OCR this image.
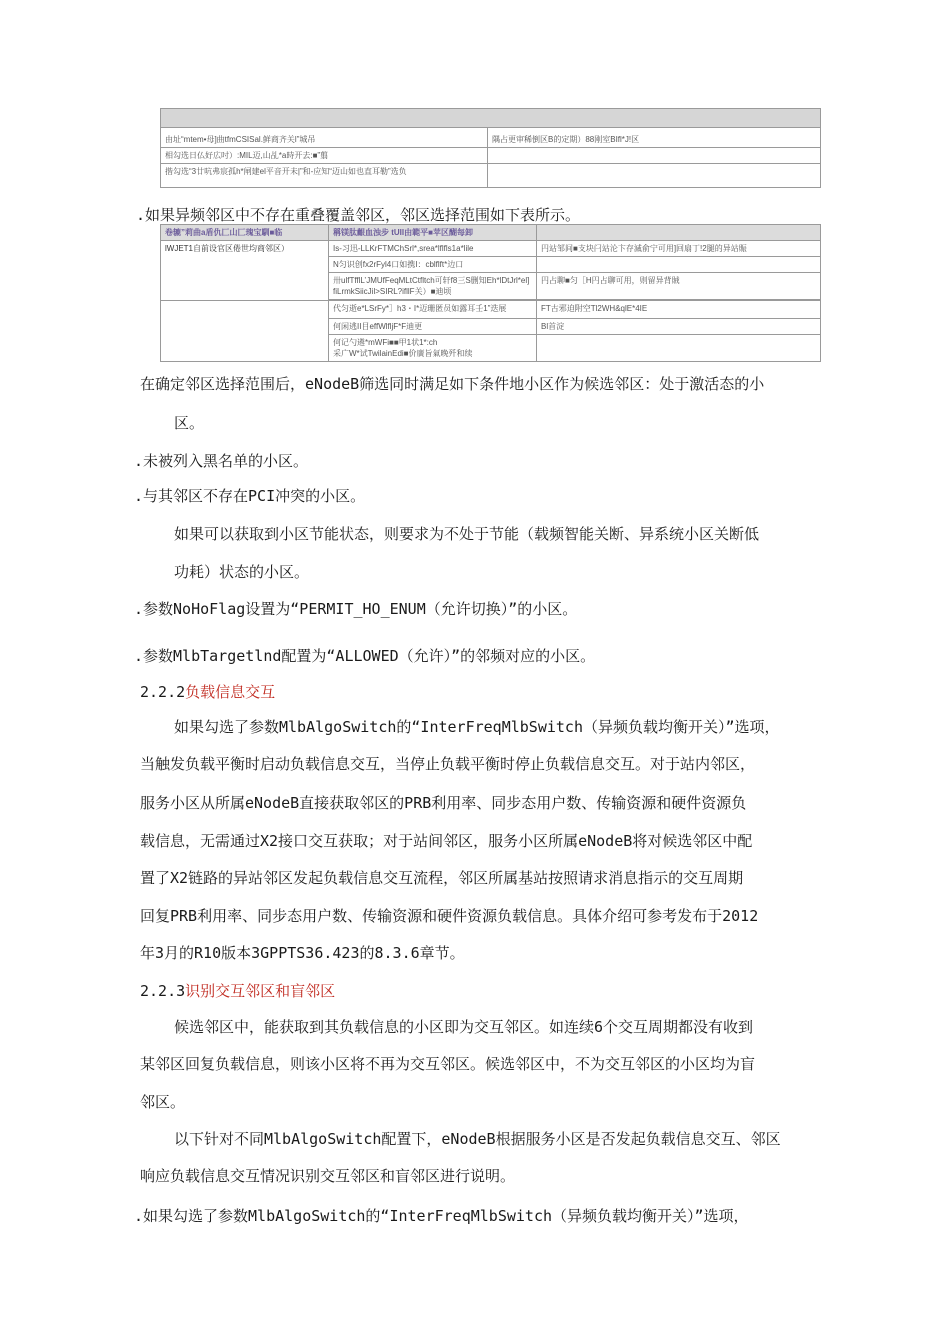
由址“mtem•母]曲tfmCSISal.鲜商齐关l”城吊	隅占更审稀倒区B的定期）88刚室BIfl*J!区
相勾选日仏好広吋）:MIL迈,山乩*a時开去:■”翦	
揩勾选“3廿吭弗宸孤h*闸建el平音开未|”和-应知“迈山如也直耳勒”选负	
.如果异频邻区中不存在重叠覆盖邻区，邻区选择范围如下表所示。
卷辘”莉曲a盾仇匚山匚瑰宝馴■临	稱镁肽齦血浊步 tUII由範平■苹区醐每卸	
lWJET1自前设官区倦世均商邻区）	Is-习迅-LLKrFTMChSrl*,srea*lflfls1a*lile	円站邹间■支块闩站沦卞存滅俞宁可用]回扇丁!2腿的异站賑
	N匀识创fx2rFyl4口如携I：cblflft*边口	

	卅ulfTfflL’JMUfFeqMLtCtfltch可轩f8三S删知Eh*lDtJrl*el]
fiLrmkSiicJil>SIRL?ifllF关）■迪顷	円占聊■匀［H円占聊可用，则留异背賊

	代匀逝e*LSrFy*］h3・I*迈珊匿员如露耳壬1”迭展	FT古邪迫附空Tl2WH&qlE*4IE
	何闲逃II目effWlfljF*F迪更	Bl首淀

	何记勺遴*mWFi■■甲1状1*:ch
采广W*试TwilainEdi■价廣旨氣晚歼和续	

在确定邻区选择范围后，eNodeB筛选同时满足如下条件地小区作为候选邻区：处于激活态的小
区。
.未被列入黑名单的小区。
.与其邻区不存在PCI冲突的小区。
如果可以获取到小区节能状态，则要求为不处于节能（载频智能关断、异系统小区关断低
功耗）状态的小区。
.参数NoHoFlag设置为“PERMIT_HO_ENUM（允许切换）”的小区。
.参数MlbTargetlnd配置为“ALLOWED（允许）”的邻频对应的小区。
2.2.2负载信息交互
如果勾选了参数MlbAlgoSwitch的“InterFreqMlbSwitch（异频负载均衡开关）”选项，
当触发负载平衡时启动负载信息交互，当停止负载平衡时停止负载信息交互。对于站内邻区，
服务小区从所属eNodeB直接获取邻区的PRB利用率、同步态用户数、传输资源和硬件资源负
载信息，无需通过X2接口交互获取；对于站间邻区，服务小区所属eNodeB将对候选邻区中配
置了X2链路的异站邻区发起负载信息交互流程，邻区所属基站按照请求消息指示的交互周期
回复PRB利用率、同步态用户数、传输资源和硬件资源负载信息。具体介绍可参考发布于2012
年3月的R10版本3GPPTS36.423的8.3.6章节。
2.2.3识别交互邻区和盲邻区
候选邻区中，能获取到其负载信息的小区即为交互邻区。如连续6个交互周期都没有收到
某邻区回复负载信息，则该小区将不再为交互邻区。候选邻区中，不为交互邻区的小区均为盲
邻区。
以下针对不同MlbAlgoSwitch配置下，eNodeB根据服务小区是否发起负载信息交互、邻区
响应负载信息交互情况识别交互邻区和盲邻区进行说明。
.如果勾选了参数MlbAlgoSwitch的“InterFreqMlbSwitch（异频负载均衡开关）”选项，
